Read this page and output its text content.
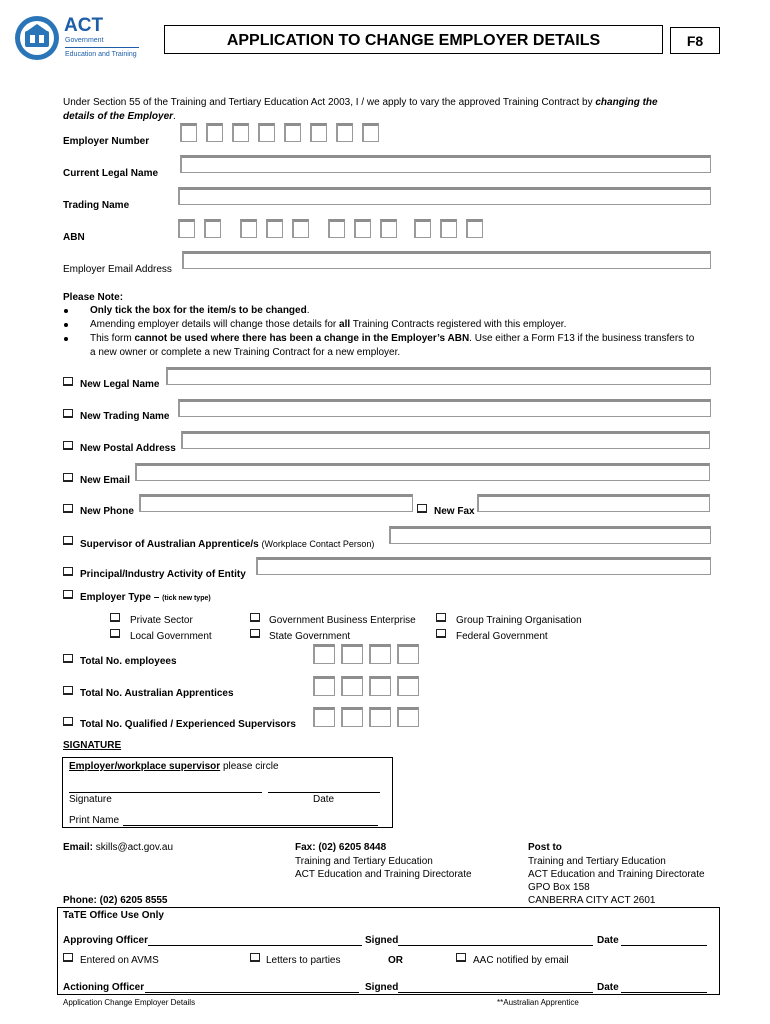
ACT
Government
Education and Training
APPLICATION TO CHANGE EMPLOYER DETAILS	F8
Under Section 55 of the Training and Tertiary Education Act 2003, I / we apply to vary the approved Training Contract by changing the
details of the Employer.
Employer Number
Current Legal Name
Trading Name
ABN
Employer Email Address
Please Note:
Only tick the box for the item/s to be changed.
Amending employer details will change those details for all Training Contracts registered with this employer.
This form cannot be used where there has been a change in the Employer’s ABN. Use either a Form F13 if the business transfers to
a new owner or complete a new Training Contract for a new employer.
New Legal Name
New Trading Name
New Postal Address
New Email
New Phone	New Fax
Supervisor of Australian Apprentice/s (Workplace Contact Person)
Principal/Industry Activity of Entity
Employer Type – (tick new type)
Private Sector	Government Business Enterprise	Group Training Organisation
Local Government	State Government	Federal Government
Total No. employees
Total No. Australian Apprentices
Total No. Qualified / Experienced Supervisors
SIGNATURE
Employer/workplace supervisor please circle
Signature	Date
Print Name
Email: skills@act.gov.au
Phone: (02) 6205 8555
Fax: (02) 6205 8448
Training and Tertiary Education
ACT Education and Training Directorate
Post to
Training and Tertiary Education
ACT Education and Training Directorate
GPO Box 158
CANBERRA CITY ACT 2601
TaTE Office Use Only
Approving Officer	Signed	Date
Entered on AVMS	Letters to parties	OR	AAC notified by email
Actioning Officer	Signed	Date
Application Change Employer Details	**Australian Apprentice
